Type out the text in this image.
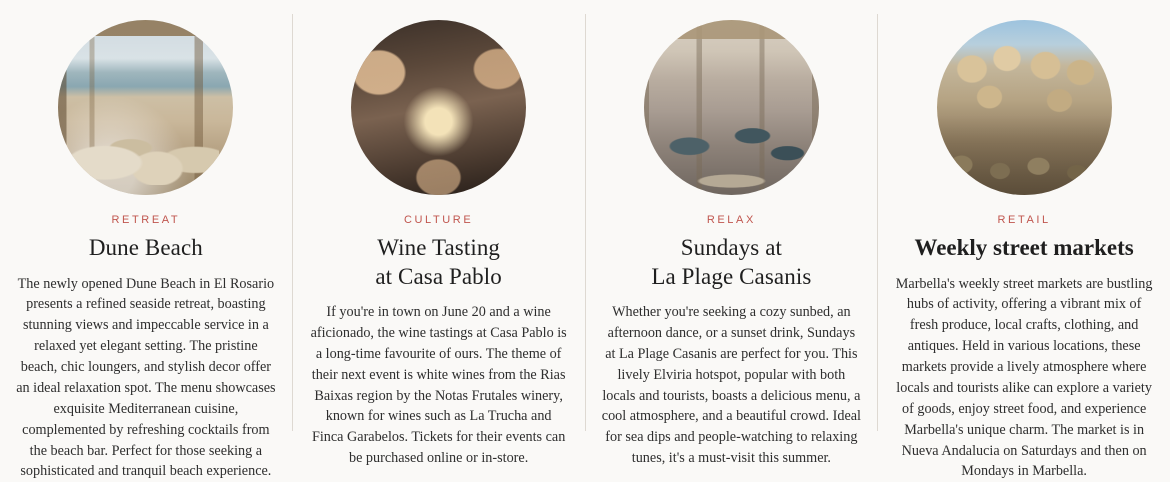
RETREAT
Dune Beach
The newly opened Dune Beach in El Rosario presents a refined seaside retreat, boasting stunning views and impeccable service in a relaxed yet elegant setting. The pristine beach, chic loungers, and stylish decor offer an ideal relaxation spot. The menu showcases exquisite Mediterranean cuisine, complemented by refreshing cocktails from the beach bar. Perfect for those seeking a sophisticated and tranquil beach experience.
CULTURE
Wine Tasting
at Casa Pablo
If you're in town on June 20 and a wine aficionado, the wine tastings at Casa Pablo is a long-time favourite of ours. The theme of their next event is white wines from the Rias Baixas region by the Notas Frutales winery, known for wines such as La Trucha and Finca Garabelos. Tickets for their events can be purchased online or in-store.
RELAX
Sundays at
La Plage Casanis
Whether you're seeking a cozy sunbed, an afternoon dance, or a sunset drink, Sundays at La Plage Casanis are perfect for you. This lively Elviria hotspot, popular with both locals and tourists, boasts a delicious menu, a cool atmosphere, and a beautiful crowd. Ideal for sea dips and people-watching to relaxing tunes, it's a must-visit this summer.
RETAIL
Weekly street markets
Marbella's weekly street markets are bustling hubs of activity, offering a vibrant mix of fresh produce, local crafts, clothing, and antiques. Held in various locations, these markets provide a lively atmosphere where locals and tourists alike can explore a variety of goods, enjoy street food, and experience Marbella's unique charm. The market is in Nueva Andalucia on Saturdays and then on Mondays in Marbella.
